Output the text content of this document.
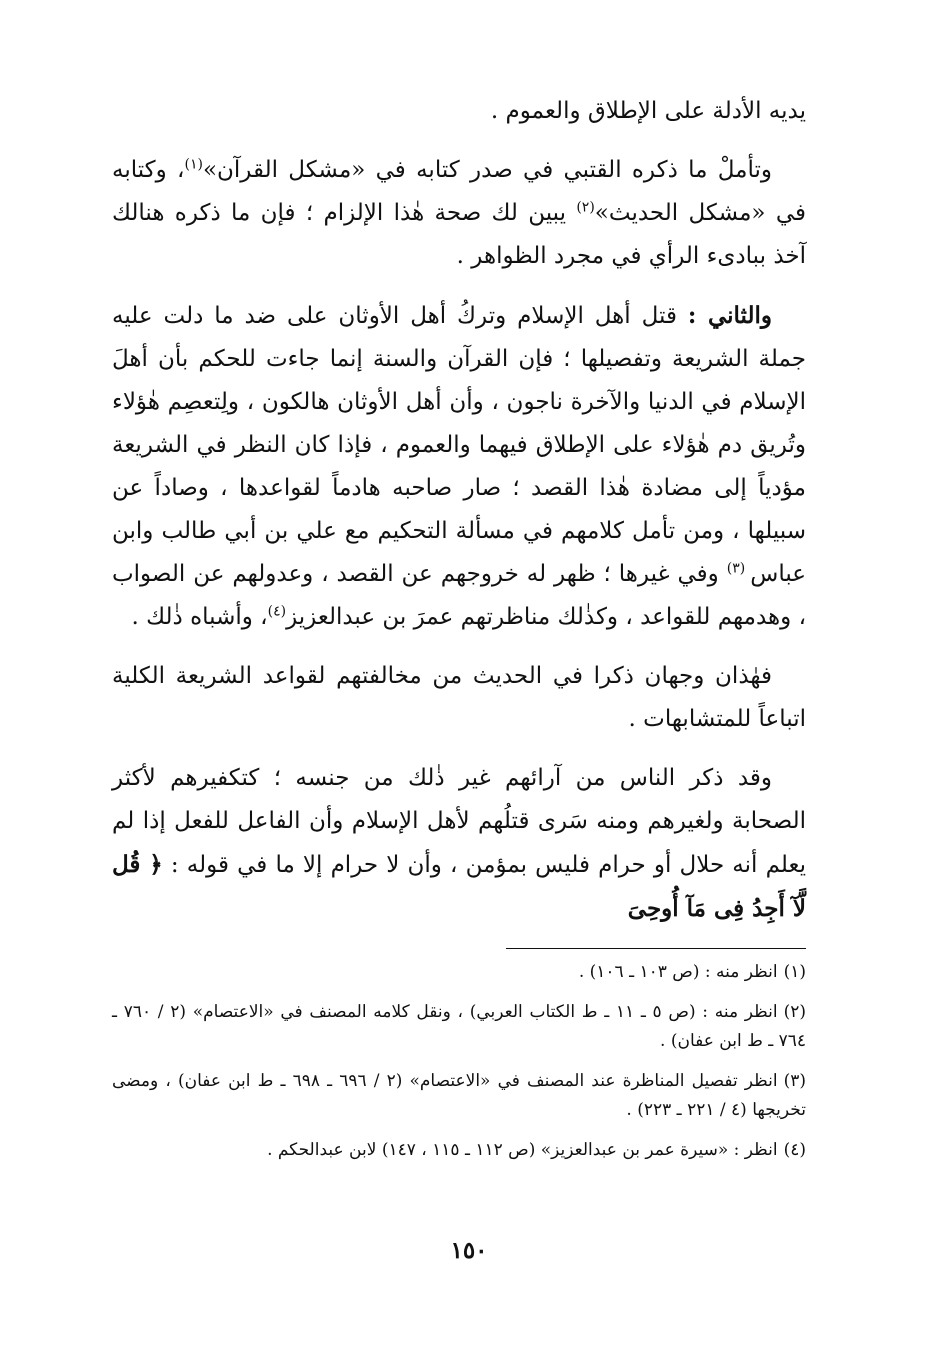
يديه الأدلة على الإطلاق والعموم .

وتأملْ ما ذكره القتبي في صدر كتابه في «مشكل القرآن»$^{(١)}$، وكتابه في «مشكل الحديث»$^{(٢)}$ يبين لك صحة هٰذا الإلزام ؛ فإن ما ذكره هنالك آخذ ببادىء الرأي في مجرد الظواهر .

والثاني : قتل أهل الإسلام وتركُ أهل الأوثان على ضد ما دلت عليه جملة الشريعة وتفصيلها ؛ فإن القرآن والسنة إنما جاءت للحكم بأن أهلَ الإسلام في الدنيا والآخرة ناجون ، وأن أهل الأوثان هالكون ، ولِتعصِم هٰؤلاء وتُريق دم هٰؤلاء على الإطلاق فيهما والعموم ، فإذا كان النظر في الشريعة مؤدياً إلى مضادة هٰذا القصد ؛ صار صاحبه هادماً لقواعدها ، وصاداً عن سبيلها ، ومن تأمل كلامهم في مسألة التحكيم مع علي بن أبي طالب وابن عباس $^{(٣)}$ وفي غيرها ؛ ظهر له خروجهم عن القصد ، وعدولهم عن الصواب ، وهدمهم للقواعد ، وكذٰلك مناظرتهم عمرَ بن عبدالعزيز$^{(٤)}$، وأشباه ذٰلك .

فهٰذان وجهان ذكرا في الحديث من مخالفتهم لقواعد الشريعة الكلية اتباعاً للمتشابهات .

وقد ذكر الناس من آرائهم غير ذٰلك من جنسه ؛ كتكفيرهم لأكثر الصحابة ولغيرهم ومنه سَرى قتلُهم لأهل الإسلام وأن الفاعل للفعل إذا لم يعلم أنه حلال أو حرام فليس بمؤمن ، وأن لا حرام إلا ما في قوله : ﴿ قُل لَّآ أَجِدُ فِى مَآ أُوحِىَ

(١)انظر منه : (ص ١٠٣ ـ ١٠٦) .

(٢)انظر منه : (ص ٥ ـ ١١ ـ ط الكتاب العربي) ، ونقل كلامه المصنف في «الاعتصام» (٢ / ٧٦٠ ـ ٧٦٤ ـ ط ابن عفان) .

(٣)انظر تفصيل المناظرة عند المصنف في «الاعتصام» (٢ / ٦٩٦ ـ ٦٩٨ ـ ط ابن عفان) ، ومضى تخريجها (٤ / ٢٢١ ـ ٢٢٣) .

(٤)انظر : «سيرة عمر بن عبدالعزيز» (ص ١١٢ ـ ١١٥ ، ١٤٧) لابن عبدالحكم .

١٥٠
